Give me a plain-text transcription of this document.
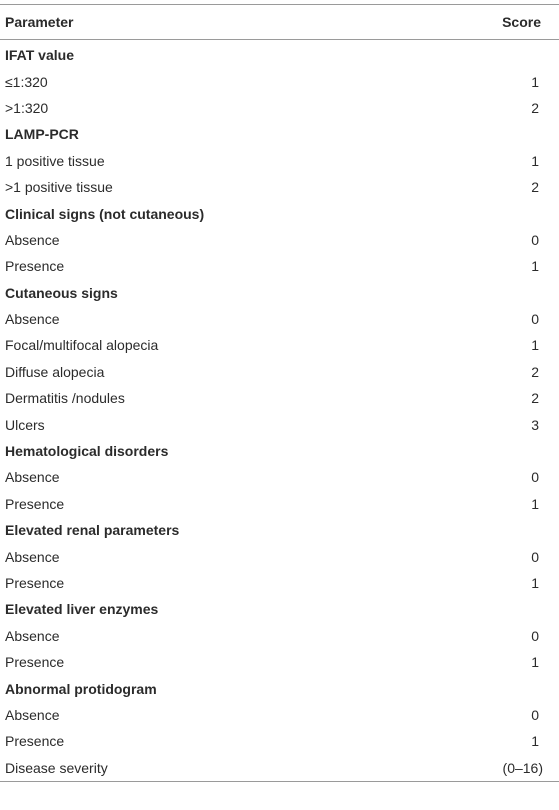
Parameter	Score
IFAT value
≤1:320	1
>1:320	2
LAMP-PCR
1 positive tissue	1
>1 positive tissue	2
Clinical signs (not cutaneous)
Absence	0
Presence	1
Cutaneous signs
Absence	0
Focal/multifocal alopecia	1
Diffuse alopecia	2
Dermatitis /nodules	2
Ulcers	3
Hematological disorders
Absence	0
Presence	1
Elevated renal parameters
Absence	0
Presence	1
Elevated liver enzymes
Absence	0
Presence	1
Abnormal protidogram
Absence	0
Presence	1
Disease severity	(0–16)
